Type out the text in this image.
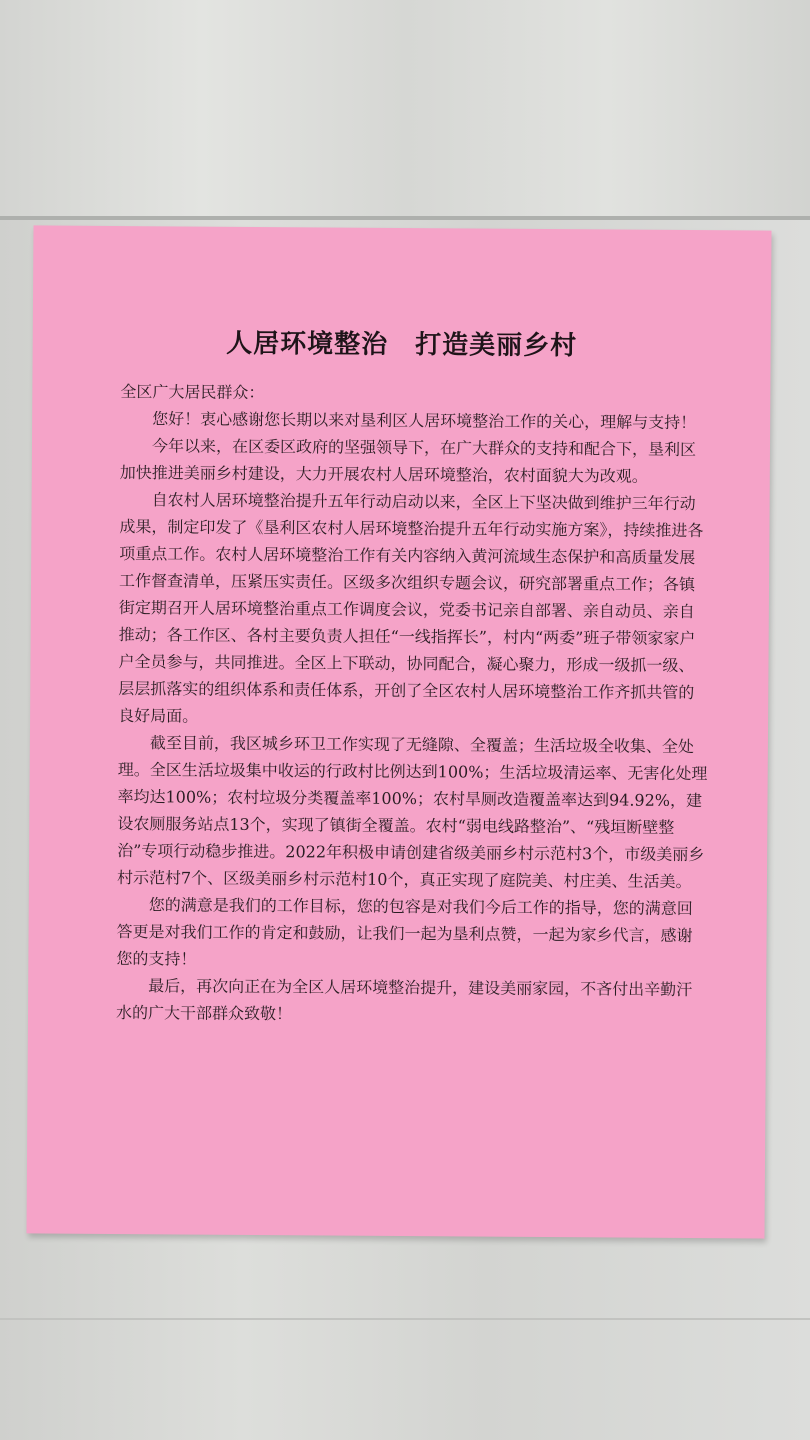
人居环境整治　打造美丽乡村

全区广大居民群众：

您好！衷心感谢您长期以来对垦利区人居环境整治工作的关心，理解与支持！

今年以来，在区委区政府的坚强领导下，在广大群众的支持和配合下，垦利区加快推进美丽乡村建设，大力开展农村人居环境整治，农村面貌大为改观。

自农村人居环境整治提升五年行动启动以来，全区上下坚决做到维护三年行动成果，制定印发了《垦利区农村人居环境整治提升五年行动实施方案》，持续推进各项重点工作。农村人居环境整治工作有关内容纳入黄河流域生态保护和高质量发展工作督查清单，压紧压实责任。区级多次组织专题会议，研究部署重点工作；各镇街定期召开人居环境整治重点工作调度会议，党委书记亲自部署、亲自动员、亲自推动；各工作区、各村主要负责人担任“一线指挥长”，村内“两委”班子带领家家户户全员参与，共同推进。全区上下联动，协同配合，凝心聚力，形成一级抓一级、层层抓落实的组织体系和责任体系，开创了全区农村人居环境整治工作齐抓共管的良好局面。

截至目前，我区城乡环卫工作实现了无缝隙、全覆盖；生活垃圾全收集、全处理。全区生活垃圾集中收运的行政村比例达到100%；生活垃圾清运率、无害化处理率均达100%；农村垃圾分类覆盖率100%；农村旱厕改造覆盖率达到94.92%，建设农厕服务站点13个，实现了镇街全覆盖。农村“弱电线路整治”、“残垣断壁整治”专项行动稳步推进。2022年积极申请创建省级美丽乡村示范村3个，市级美丽乡村示范村7个、区级美丽乡村示范村10个，真正实现了庭院美、村庄美、生活美。

您的满意是我们的工作目标，您的包容是对我们今后工作的指导，您的满意回答更是对我们工作的肯定和鼓励，让我们一起为垦利点赞，一起为家乡代言，感谢您的支持！

最后，再次向正在为全区人居环境整治提升，建设美丽家园，不吝付出辛勤汗水的广大干部群众致敬！
